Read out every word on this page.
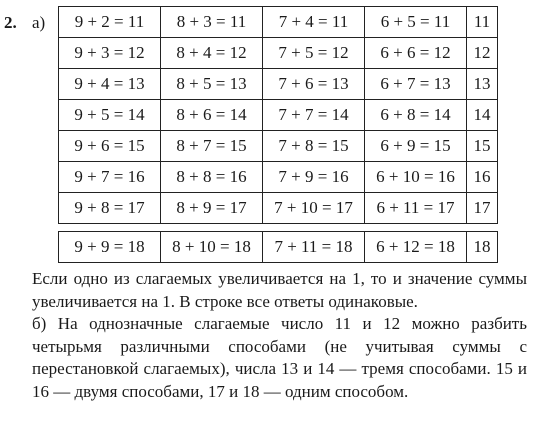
2. а) 9 + 2 = 11	8 + 3 = 11	7 + 4 = 11	6 + 5 = 11	11
9 + 3 = 12	8 + 4 = 12	7 + 5 = 12	6 + 6 = 12	12
9 + 4 = 13	8 + 5 = 13	7 + 6 = 13	6 + 7 = 13	13
9 + 5 = 14	8 + 6 = 14	7 + 7 = 14	6 + 8 = 14	14
9 + 6 = 15	8 + 7 = 15	7 + 8 = 15	6 + 9 = 15	15
9 + 7 = 16	8 + 8 = 16	7 + 9 = 16	6 + 10 = 16	16
9 + 8 = 17	8 + 9 = 17	7 + 10 = 17	6 + 11 = 17	17
9 + 9 = 18	8 + 10 = 18	7 + 11 = 18	6 + 12 = 18	18

Если одно из слагаемых увеличивается на 1, то и значение суммы увеличивается на 1. В строке все ответы одинаковые.

б) На однозначные слагаемые число 11 и 12 можно разбить четырьмя различными способами (не учитывая суммы с перестановкой слагаемых), числа 13 и 14 — тремя способами. 15 и 16 — двумя способами, 17 и 18 — одним способом.
